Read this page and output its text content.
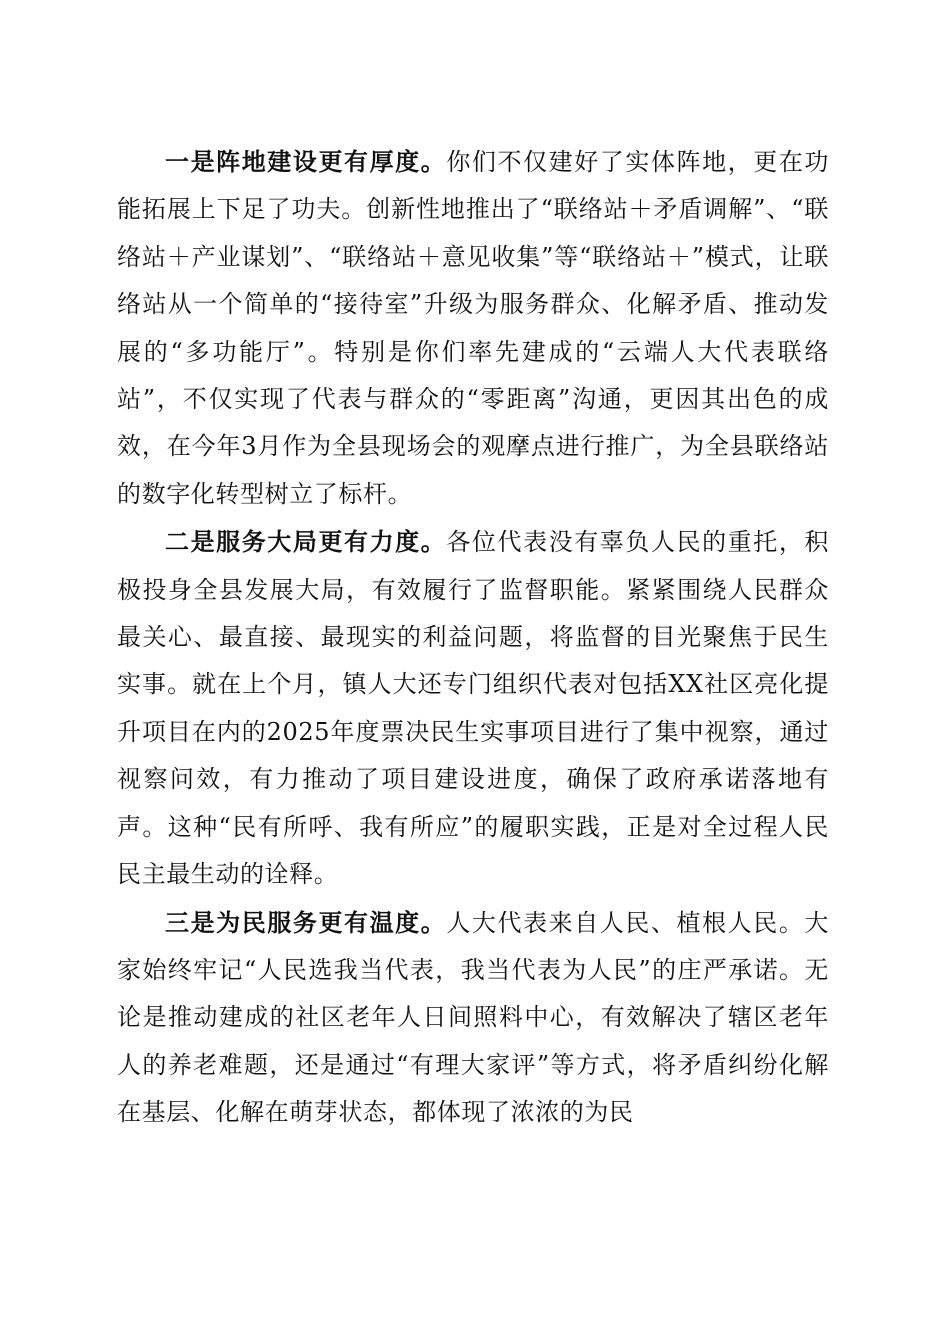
一是阵地建设更有厚度。你们不仅建好了实体阵地，更在功能拓展上下足了功夫。创新性地推出了“联络站＋矛盾调解”、“联络站＋产业谋划”、“联络站＋意见收集”等“联络站＋”模式，让联络站从一个简单的“接待室”升级为服务群众、化解矛盾、推动发展的“多功能厅”。特别是你们率先建成的“云端人大代表联络站”，不仅实现了代表与群众的“零距离”沟通，更因其出色的成效，在今年3月作为全县现场会的观摩点进行推广，为全县联络站的数字化转型树立了标杆。

二是服务大局更有力度。各位代表没有辜负人民的重托，积极投身全县发展大局，有效履行了监督职能。紧紧围绕人民群众最关心、最直接、最现实的利益问题，将监督的目光聚焦于民生实事。就在上个月，镇人大还专门组织代表对包括XX社区亮化提升项目在内的2025年度票决民生实事项目进行了集中视察，通过视察问效，有力推动了项目建设进度，确保了政府承诺落地有声。这种“民有所呼、我有所应”的履职实践，正是对全过程人民民主最生动的诠释。

三是为民服务更有温度。人大代表来自人民、植根人民。大家始终牢记“人民选我当代表，我当代表为人民”的庄严承诺。无论是推动建成的社区老年人日间照料中心，有效解决了辖区老年人的养老难题，还是通过“有理大家评”等方式，将矛盾纠纷化解在基层、化解在萌芽状态，都体现了浓浓的为民
